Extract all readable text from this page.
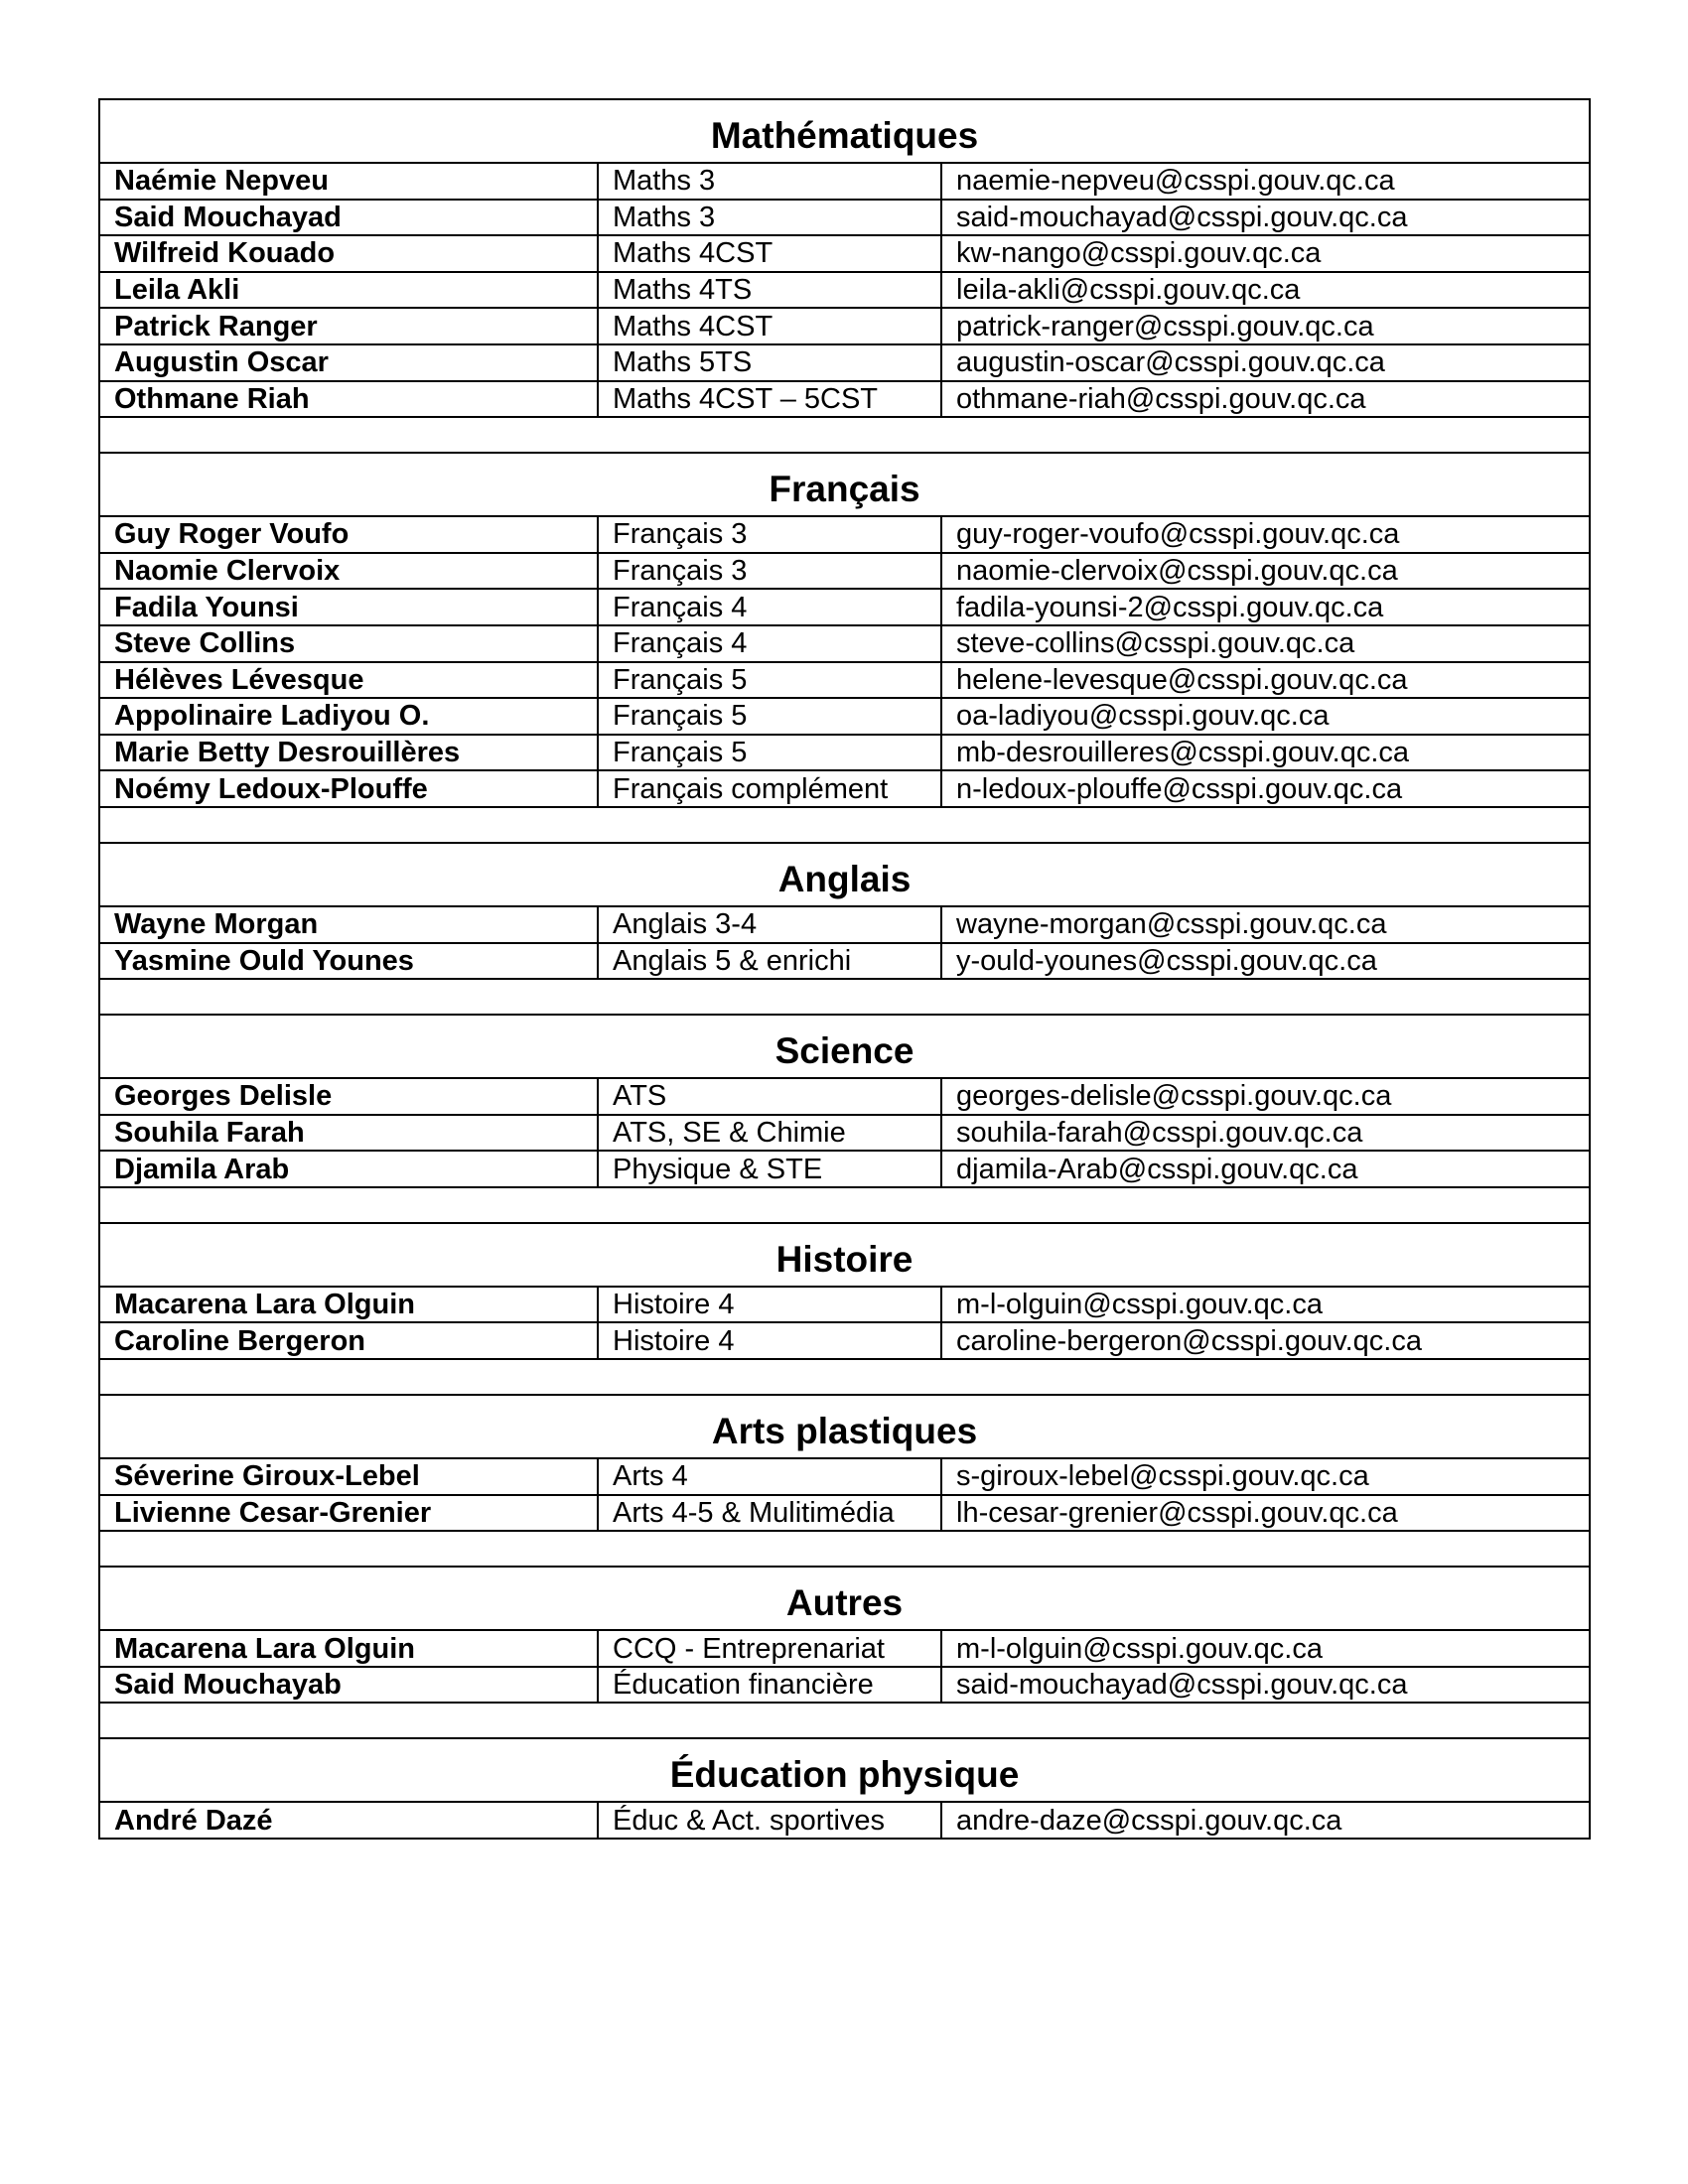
Mathématiques		
Naémie Nepveu	Maths 3	naemie-nepveu@csspi.gouv.qc.ca
Said Mouchayad	Maths 3	said-mouchayad@csspi.gouv.qc.ca
Wilfreid Kouado	Maths 4CST	kw-nango@csspi.gouv.qc.ca
Leila Akli	Maths 4TS	leila-akli@csspi.gouv.qc.ca
Patrick Ranger	Maths 4CST	patrick-ranger@csspi.gouv.qc.ca
Augustin Oscar	Maths 5TS	augustin-oscar@csspi.gouv.qc.ca
Othmane Riah	Maths 4CST – 5CST	othmane-riah@csspi.gouv.qc.ca

Français		
Guy Roger Voufo	Français 3	guy-roger-voufo@csspi.gouv.qc.ca
Naomie Clervoix	Français 3	naomie-clervoix@csspi.gouv.qc.ca
Fadila Younsi	Français 4	fadila-younsi-2@csspi.gouv.qc.ca
Steve Collins	Français 4	steve-collins@csspi.gouv.qc.ca
Hélèves Lévesque	Français 5	helene-levesque@csspi.gouv.qc.ca
Appolinaire Ladiyou O.	Français 5	oa-ladiyou@csspi.gouv.qc.ca
Marie Betty Desrouillères	Français 5	mb-desrouilleres@csspi.gouv.qc.ca
Noémy Ledoux-Plouffe	Français complément	n-ledoux-plouffe@csspi.gouv.qc.ca

Anglais		
Wayne Morgan	Anglais 3-4	wayne-morgan@csspi.gouv.qc.ca
Yasmine Ould Younes	Anglais 5 & enrichi	y-ould-younes@csspi.gouv.qc.ca

Science		
Georges Delisle	ATS	georges-delisle@csspi.gouv.qc.ca
Souhila Farah	ATS, SE & Chimie	souhila-farah@csspi.gouv.qc.ca
Djamila Arab	Physique & STE	djamila-Arab@csspi.gouv.qc.ca

Histoire		
Macarena Lara Olguin	Histoire 4	m-l-olguin@csspi.gouv.qc.ca
Caroline Bergeron	Histoire 4	caroline-bergeron@csspi.gouv.qc.ca

Arts plastiques		
Séverine Giroux-Lebel	Arts 4	s-giroux-lebel@csspi.gouv.qc.ca
Livienne Cesar-Grenier	Arts 4-5 & Mulitimédia	lh-cesar-grenier@csspi.gouv.qc.ca

Autres		
Macarena Lara Olguin	CCQ - Entreprenariat	m-l-olguin@csspi.gouv.qc.ca
Said Mouchayab	Éducation financière	said-mouchayad@csspi.gouv.qc.ca

Éducation physique		
André Dazé	Éduc & Act. sportives	andre-daze@csspi.gouv.qc.ca
